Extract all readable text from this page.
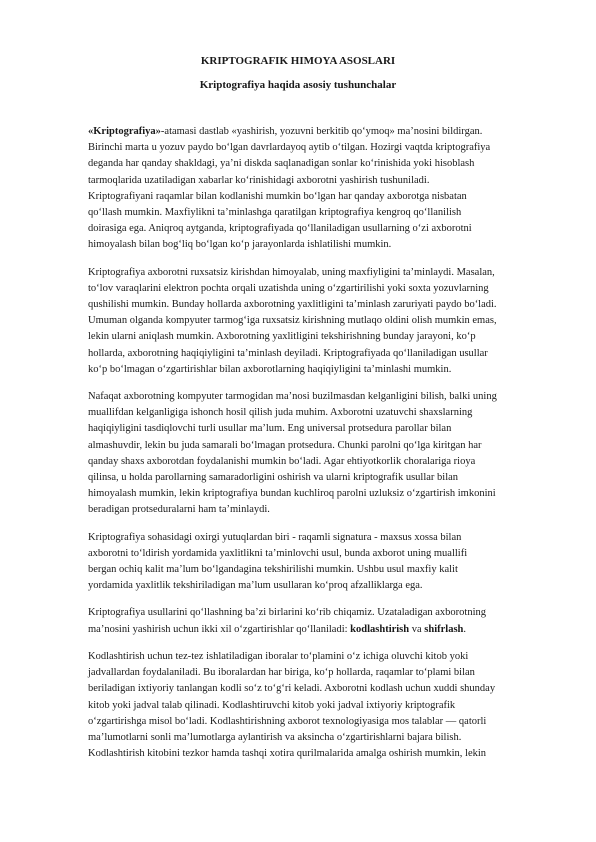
KRIPTOGRAFIK HIMOYA ASOSLARI
Kriptografiya haqida asosiy tushunchalar
«Kriptografiya»-atamasi dastlab «yashirish, yozuvni berkitib qo‘ymoq» ma’nosini bildirgan.
Birinchi marta u yozuv paydo bo‘lgan davrlardayoq aytib o‘tilgan. Hozirgi vaqtda kriptografiya
deganda har qanday shakldagi, ya’ni diskda saqlanadigan sonlar ko‘rinishida yoki hisoblash
tarmoqlarida uzatiladigan xabarlar ko‘rinishidagi axborotni yashirish tushuniladi.
Kriptografiyani raqamlar bilan kodlanishi mumkin bo‘lgan har qanday axborotga nisbatan
qo‘llash mumkin. Maxfiylikni ta’minlashga qaratilgan kriptografiya kengroq qo‘llanilish
doirasiga ega. Aniqroq aytganda, kriptografiyada qo‘llaniladigan usullarning o‘zi axborotni
himoyalash bilan bog‘liq bo‘lgan ko‘p jarayonlarda ishlatilishi mumkin.
Kriptografiya axborotni ruxsatsiz kirishdan himoyalab, uning maxfiyligini ta’minlaydi. Masalan,
to‘lov varaqlarini elektron pochta orqali uzatishda uning o‘zgartirilishi yoki soxta yozuvlarning
qushilishi mumkin. Bunday hollarda axborotning yaxlitligini ta’minlash zaruriyati paydo bo‘ladi.
Umuman olganda kompyuter tarmog‘iga ruxsatsiz kirishning mutlaqo oldini olish mumkin emas,
lekin ularni aniqlash mumkin. Axborotning yaxlitligini tekshirishning bunday jarayoni, ko‘p
hollarda, axborotning haqiqiyligini ta’minlash deyiladi. Kriptografiyada qo‘llaniladigan usullar
ko‘p bo‘lmagan o‘zgartirishlar bilan axborotlarning haqiqiyligini ta’minlashi mumkin.
Nafaqat axborotning kompyuter tarmogidan ma’nosi buzilmasdan kelganligini bilish, balki uning
muallifdan kelganligiga ishonch hosil qilish juda muhim. Axborotni uzatuvchi shaxslarning
haqiqiyligini tasdiqlovchi turli usullar ma’lum. Eng universal protsedura parollar bilan
almashuvdir, lekin bu juda samarali bo‘lmagan protsedura. Chunki parolni qo‘lga kiritgan har
qanday shaxs axborotdan foydalanishi mumkin bo‘ladi. Agar ehtiyotkorlik choralariga rioya
qilinsa, u holda parollarning samaradorligini oshirish va ularni kriptografik usullar bilan
himoyalash mumkin, lekin kriptografiya bundan kuchliroq parolni uzluksiz o‘zgartirish imkonini
beradigan protseduralarni ham ta’minlaydi.
Kriptografiya sohasidagi oxirgi yutuqlardan biri - raqamli signatura - maxsus xossa bilan
axborotni to‘ldirish yordamida yaxlitlikni ta’minlovchi usul, bunda axborot uning muallifi
bergan ochiq kalit ma’lum bo‘lgandagina tekshirilishi mumkin. Ushbu usul maxfiy kalit
yordamida yaxlitlik tekshiriladigan ma’lum usullaran ko‘proq afzalliklarga ega.
Kriptografiya usullarini qo‘llashning ba’zi birlarini ko‘rib chiqamiz. Uzataladigan axborotning
ma’nosini yashirish uchun ikki xil o‘zgartirishlar qo‘llaniladi: kodlashtirish va shifrlash.
Kodlashtirish uchun tez-tez ishlatiladigan iboralar to‘plamini o‘z ichiga oluvchi kitob yoki
jadvallardan foydalaniladi. Bu iboralardan har biriga, ko‘p hollarda, raqamlar to‘plami bilan
beriladigan ixtiyoriy tanlangan kodli so‘z to‘g‘ri keladi. Axborotni kodlash uchun xuddi shunday
kitob yoki jadval talab qilinadi. Kodlashtiruvchi kitob yoki jadval ixtiyoriy kriptografik
o‘zgartirishga misol bo‘ladi. Kodlashtirishning axborot texnologiyasiga mos talablar — qatorli
ma’lumotlarni sonli ma’lumotlarga aylantirish va aksincha o‘zgartirishlarni bajara bilish.
Kodlashtirish kitobini tezkor hamda tashqi xotira qurilmalarida amalga oshirish mumkin, lekin
